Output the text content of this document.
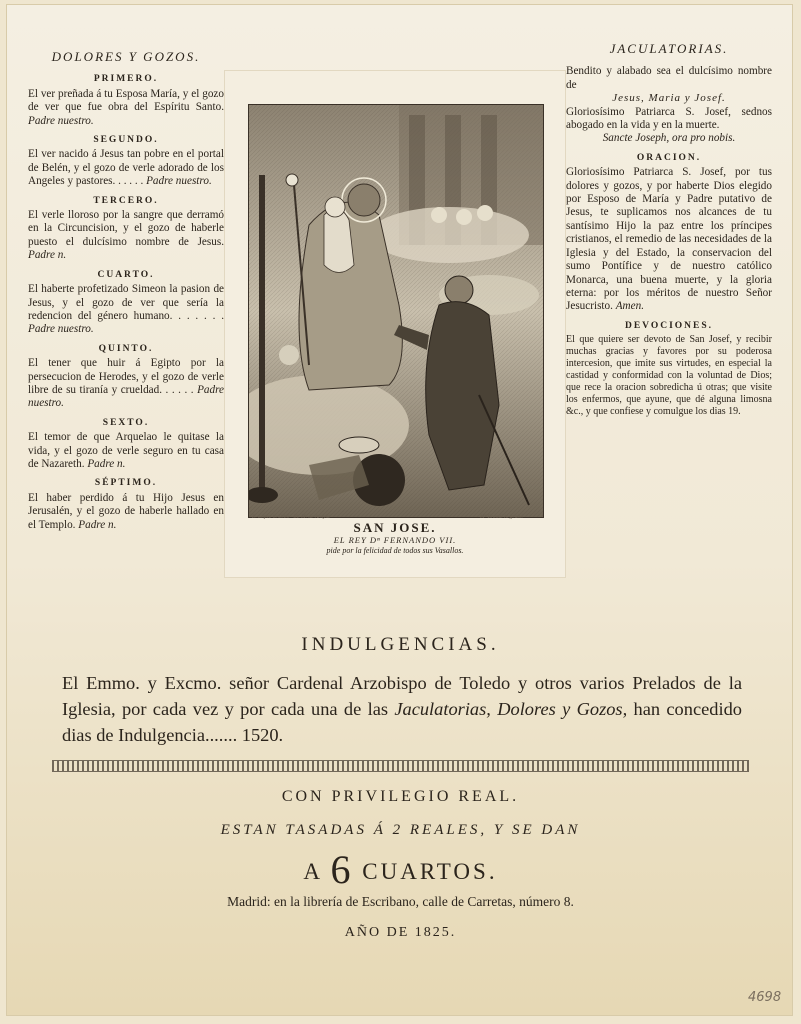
DOLORES Y GOZOS.
PRIMERO.
El ver preñada á tu Esposa María, y el gozo de ver que fue obra del Espíritu Santo. Padre nuestro.
SEGUNDO.
El ver nacido á Jesus tan pobre en el portal de Belén, y el gozo de verle adorado de los Angeles y pastores. . . . . . Padre nuestro.
TERCERO.
El verle lloroso por la sangre que derramó en la Circuncision, y el gozo de haberle puesto el dulcísimo nombre de Jesus. Padre n.
CUARTO.
El haberte profetizado Simeon la pasion de Jesus, y el gozo de ver que sería la redencion del género humano. . . . . . . Padre nuestro.
QUINTO.
El tener que huir á Egipto por la persecucion de Herodes, y el gozo de verle libre de su tiranía y crueldad. . . . . . Padre nuestro.
SEXTO.
El temor de que Arquelao le quitase la vida, y el gozo de verle seguro en tu casa de Nazareth. Padre n.
SÉPTIMO.
El haber perdido á tu Hijo Jesus en Jerusalén, y el gozo de haberle hallado en el Templo. Padre n.
E. Lopez lo Dibó · Rl. M. de Arayla	Mª Brandi lo grabó
SAN JOSE.
EL REY Dⁿ FERNANDO VII.
pide por la felicidad de todos sus Vasallos.
JACULATORIAS.
Bendito y alabado sea el dulcísimo nombre de
Jesus, Maria y Josef.
Gloriosísimo Patriarca S. Josef, sednos abogado en la vida y en la muerte.
Sancte Joseph, ora pro nobis.
ORACION.
Gloriosísimo Patriarca S. Josef, por tus dolores y gozos, y por haberte Dios elegido por Esposo de María y Padre putativo de Jesus, te suplicamos nos alcances de tu santísimo Hijo la paz entre los príncipes cristianos, el remedio de las necesidades de la Iglesia y del Estado, la conservacion del sumo Pontífice y de nuestro católico Monarca, una buena muerte, y la gloria eterna: por los méritos de nuestro Señor Jesucristo. Amen.
DEVOCIONES.
El que quiere ser devoto de San Josef, y recibir muchas gracias y favores por su poderosa intercesion, que imite sus virtudes, en especial la castidad y conformidad con la voluntad de Dios; que rece la oracion sobredicha ú otras; que visite los enfermos, que ayune, que dé alguna limosna &c., y que confiese y comulgue los dias 19.
INDULGENCIAS.
El Emmo. y Excmo. señor Cardenal Arzobispo de Toledo y otros varios Prelados de la Iglesia, por cada vez y por cada una de las Jaculatorias, Dolores y Gozos, han concedido dias de Indulgencia....... 1520.
CON PRIVILEGIO REAL.
ESTAN TASADAS Á 2 REALES, Y SE DAN
A 6 CUARTOS.
Madrid: en la librería de Escribano, calle de Carretas, número 8.
AÑO DE 1825.
4698
